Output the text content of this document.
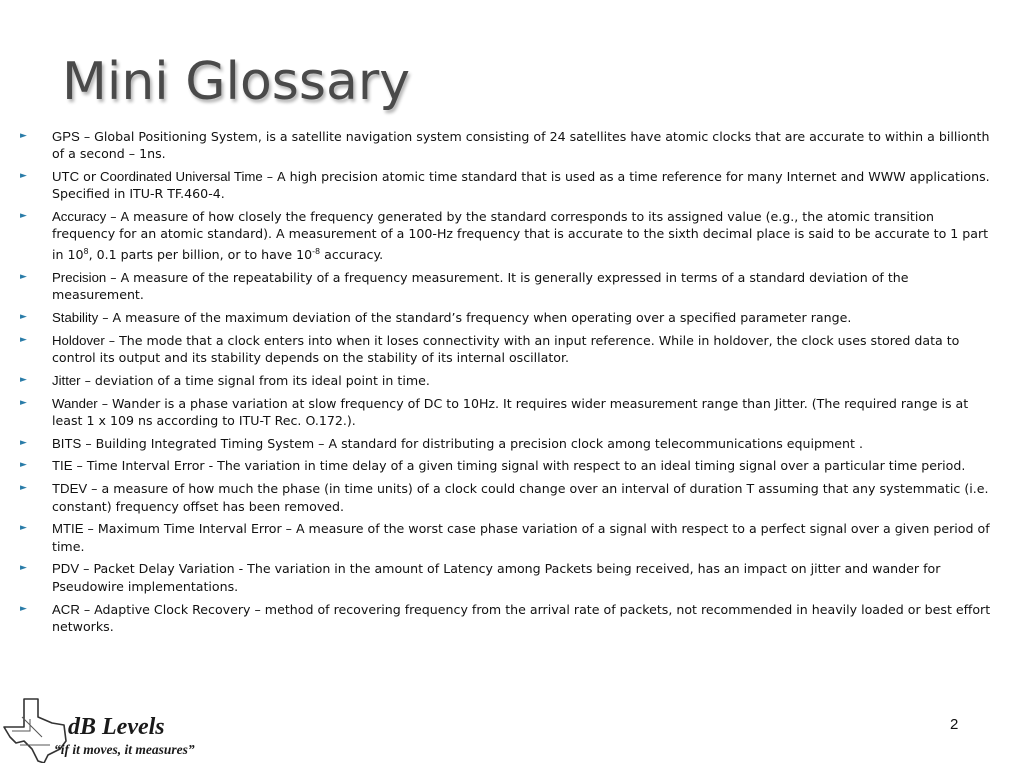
Mini Glossary
►	GPS – Global Positioning System, is a satellite navigation system consisting of 24 satellites have atomic clocks that are accurate to within a billionth of a second – 1ns.
►	UTC or Coordinated Universal Time – A high precision atomic time standard that is used as a time reference for many Internet and WWW applications. Specified in ITU-R TF.460-4.
►	Accuracy – A measure of how closely the frequency generated by the standard corresponds to its assigned value (e.g., the atomic transition frequency for an atomic standard). A measurement of a 100-Hz frequency that is accurate to the sixth decimal place is said to be accurate to 1 part in $10^8$, 0.1 parts per billion, or to have $10^{-8}$ accuracy.
►	Precision – A measure of the repeatability of a frequency measurement. It is generally expressed in terms of a standard deviation of the measurement.
►	Stability – A measure of the maximum deviation of the standard’s frequency when operating over a specified parameter range.
►	Holdover – The mode that a clock enters into when it loses connectivity with an input reference. While in holdover, the clock uses stored data to control its output and its stability depends on the stability of its internal oscillator.
►	Jitter – deviation of a time signal from its ideal point in time.
►	Wander – Wander is a phase variation at slow frequency of DC to 10Hz. It requires wider measurement range than Jitter. (The required range is at least 1 x 109 ns according to ITU-T Rec. O.172.).
►	BITS – Building Integrated Timing System – A standard for distributing a precision clock among telecommunications equipment .
►	TIE – Time Interval Error - The variation in time delay of a given timing signal with respect to an ideal timing signal over a particular time period.
►	TDEV – a measure of how much the phase (in time units) of a clock could change over an interval of duration T assuming that any systemmatic (i.e. constant) frequency offset has been removed.
►	MTIE – Maximum Time Interval Error – A measure of the worst case phase variation of a signal with respect to a perfect signal over a given period of time.
►	PDV – Packet Delay Variation - The variation in the amount of Latency among Packets being received, has an impact on jitter and wander for Pseudowire implementations.
►	ACR – Adaptive Clock Recovery – method of recovering frequency from the arrival rate of packets, not recommended in heavily loaded or best effort networks.
dB Levels
“if it moves, it measures”
2
